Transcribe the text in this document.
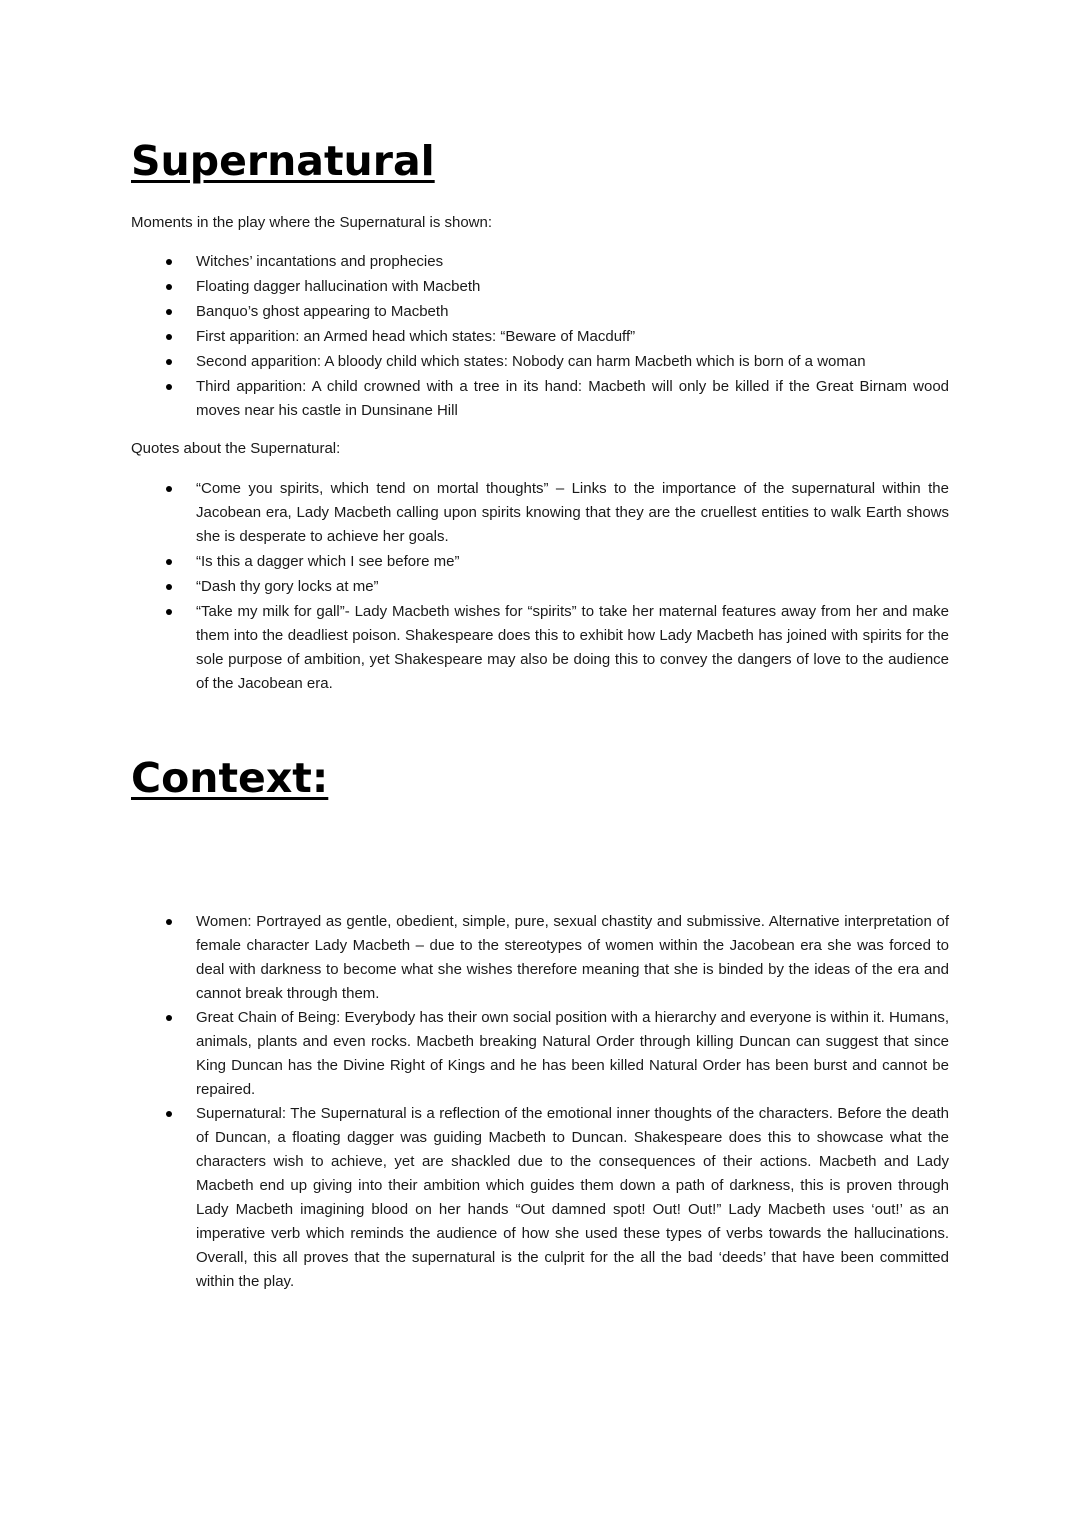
Supernatural

Moments in the play where the Supernatural is shown:

Witches’ incantations and prophecies
Floating dagger hallucination with Macbeth
Banquo’s ghost appearing to Macbeth
First apparition: an Armed head which states: “Beware of Macduff”
Second apparition: A bloody child which states: Nobody can harm Macbeth which is born of a woman
Third apparition: A child crowned with a tree in its hand: Macbeth will only be killed if the Great Birnam wood moves near his castle in Dunsinane Hill

Quotes about the Supernatural:

“Come you spirits, which tend on mortal thoughts” – Links to the importance of the supernatural within the Jacobean era, Lady Macbeth calling upon spirits knowing that they are the cruellest entities to walk Earth shows she is desperate to achieve her goals.
“Is this a dagger which I see before me”
“Dash thy gory locks at me”
“Take my milk for gall”- Lady Macbeth wishes for “spirits” to take her maternal features away from her and make them into the deadliest poison. Shakespeare does this to exhibit how Lady Macbeth has joined with spirits for the sole purpose of ambition, yet Shakespeare may also be doing this to convey the dangers of love to the audience of the Jacobean era.
Context:
Women: Portrayed as gentle, obedient, simple, pure, sexual chastity and submissive. Alternative interpretation of female character Lady Macbeth – due to the stereotypes of women within the Jacobean era she was forced to deal with darkness to become what she wishes therefore meaning that she is binded by the ideas of the era and cannot break through them.
Great Chain of Being: Everybody has their own social position with a hierarchy and everyone is within it. Humans, animals, plants and even rocks. Macbeth breaking Natural Order through killing Duncan can suggest that since King Duncan has the Divine Right of Kings and he has been killed Natural Order has been burst and cannot be repaired.
Supernatural: The Supernatural is a reflection of the emotional inner thoughts of the characters. Before the death of Duncan, a floating dagger was guiding Macbeth to Duncan. Shakespeare does this to showcase what the characters wish to achieve, yet are shackled due to the consequences of their actions. Macbeth and Lady Macbeth end up giving into their ambition which guides them down a path of darkness, this is proven through Lady Macbeth imagining blood on her hands “Out damned spot! Out! Out!” Lady Macbeth uses ‘out!’ as an imperative verb which reminds the audience of how she used these types of verbs towards the hallucinations. Overall, this all proves that the supernatural is the culprit for the all the bad ‘deeds’ that have been committed within the play.
